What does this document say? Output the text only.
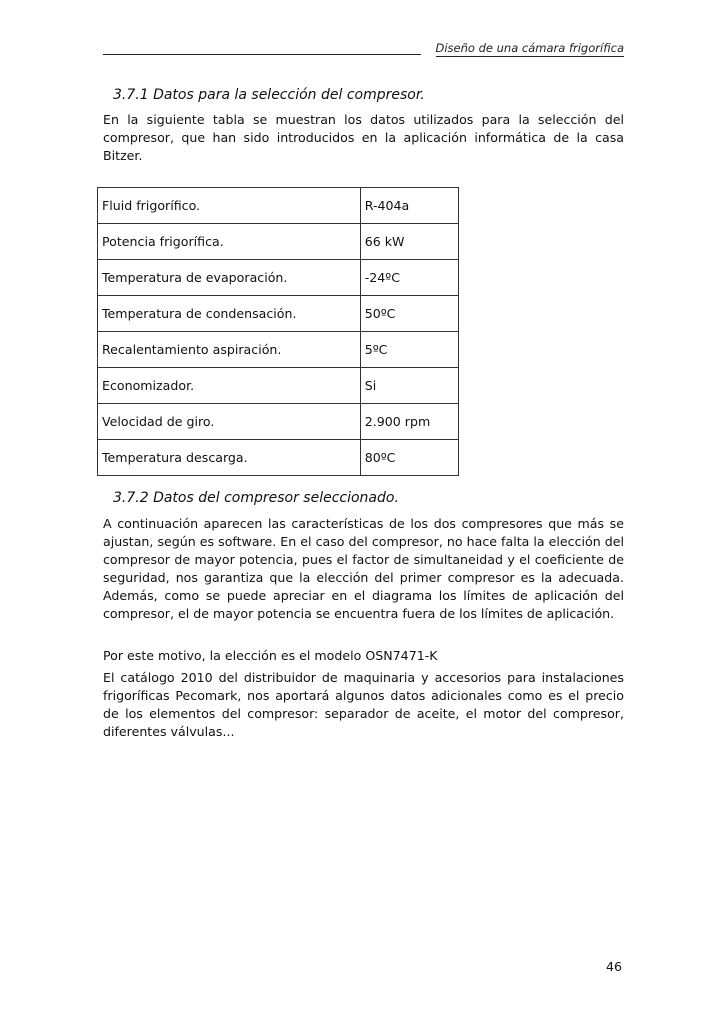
Diseño de una cámara frigorífica
3.7.1 Datos para la selección del compresor.
En la siguiente tabla se muestran los datos utilizados para la selección del compresor, que han sido introducidos en la aplicación informática de la casa Bitzer.
Fluid frigorífico.	R-404a
Potencia frigorífica.	66 kW
Temperatura de evaporación.	-24ºC
Temperatura de condensación.	50ºC
Recalentamiento aspiración.	5ºC
Economizador.	Si
Velocidad de giro.	2.900 rpm
Temperatura descarga.	80ºC
3.7.2 Datos del compresor seleccionado.
A continuación aparecen las características de los dos compresores que más se ajustan, según es software. En el caso del compresor, no hace falta la elección del compresor de mayor potencia, pues el factor de simultaneidad y el coeficiente de seguridad, nos garantiza que la elección del primer compresor es la adecuada. Además, como se puede apreciar en el diagrama los límites de aplicación del compresor, el de mayor potencia se encuentra fuera de los límites de aplicación.
Por este motivo, la elección es el modelo OSN7471-K
El catálogo 2010 del distribuidor de maquinaria y accesorios para instalaciones frigoríficas Pecomark, nos aportará algunos datos adicionales como es el precio de los elementos del compresor: separador de aceite, el motor del compresor, diferentes válvulas...
46
